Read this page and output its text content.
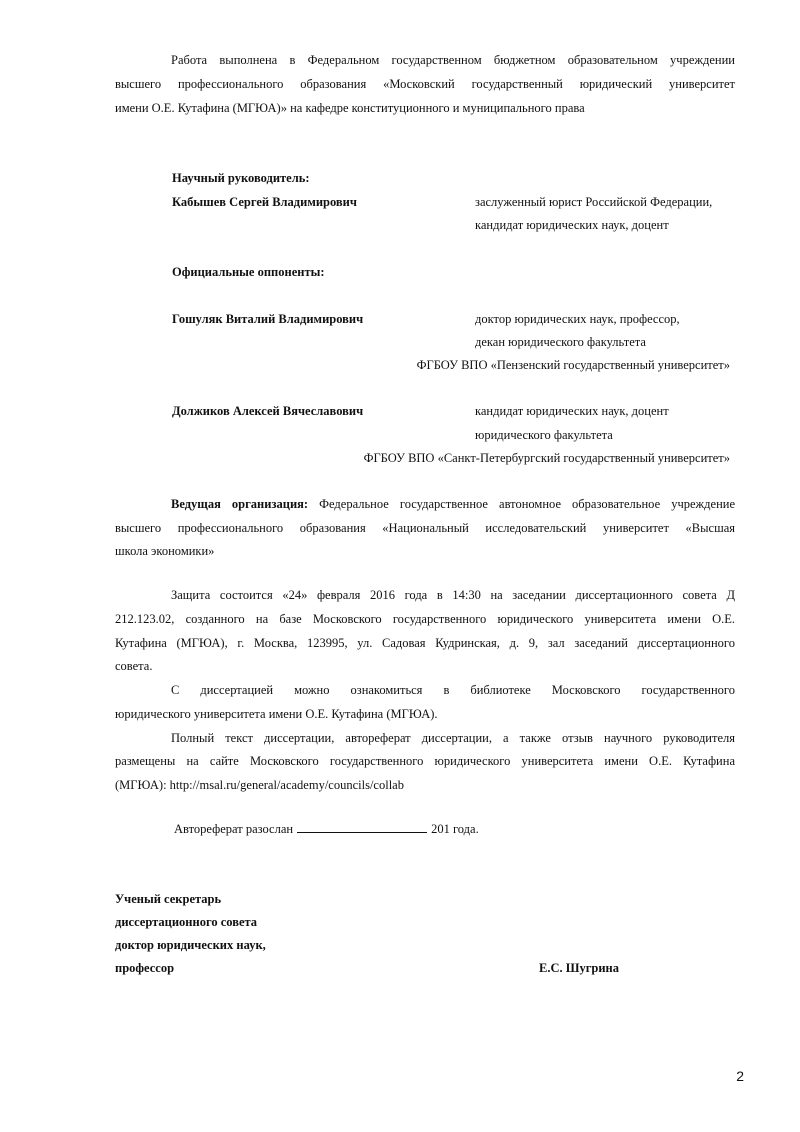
Работа выполнена в Федеральном государственном бюджетном образовательном учреждении
высшего профессионального образования «Московский государственный юридический университет
имени О.Е. Кутафина (МГЮА)» на кафедре конституционного и муниципального права
Научный руководитель:
Кабышев Сергей Владимирович	заслуженный юрист Российской Федерации,
кандидат юридических наук, доцент
Официальные оппоненты:
Гошуляк Виталий Владимирович	доктор юридических наук, профессор,
декан юридического факультета
ФГБОУ ВПО «Пензенский государственный университет»
Должиков Алексей Вячеславович	кандидат юридических наук, доцент
юридического факультета
ФГБОУ ВПО «Санкт-Петербургский государственный университет»
Ведущая организация: Федеральное государственное автономное образовательное учреждение
высшего профессионального образования «Национальный исследовательский университет «Высшая
школа экономики»
Защита состоится «24» февраля 2016 года в 14:30 на заседании диссертационного совета Д
212.123.02, созданного на базе Московского государственного юридического университета имени О.Е.
Кутафина (МГЮА), г. Москва, 123995, ул. Садовая Кудринская, д. 9, зал заседаний диссертационного
совета.
С диссертацией можно ознакомиться в библиотеке Московского государственного
юридического университета имени О.Е. Кутафина (МГЮА).
Полный текст диссертации, автореферат диссертации, а также отзыв научного руководителя
размещены на сайте Московского государственного юридического университета имени О.Е. Кутафина
(МГЮА): http://msal.ru/general/academy/councils/collab
Автореферат разослан	201 года.
Ученый секретарь
диссертационного совета
доктор юридических наук,
профессор	Е.С. Шугрина
2
